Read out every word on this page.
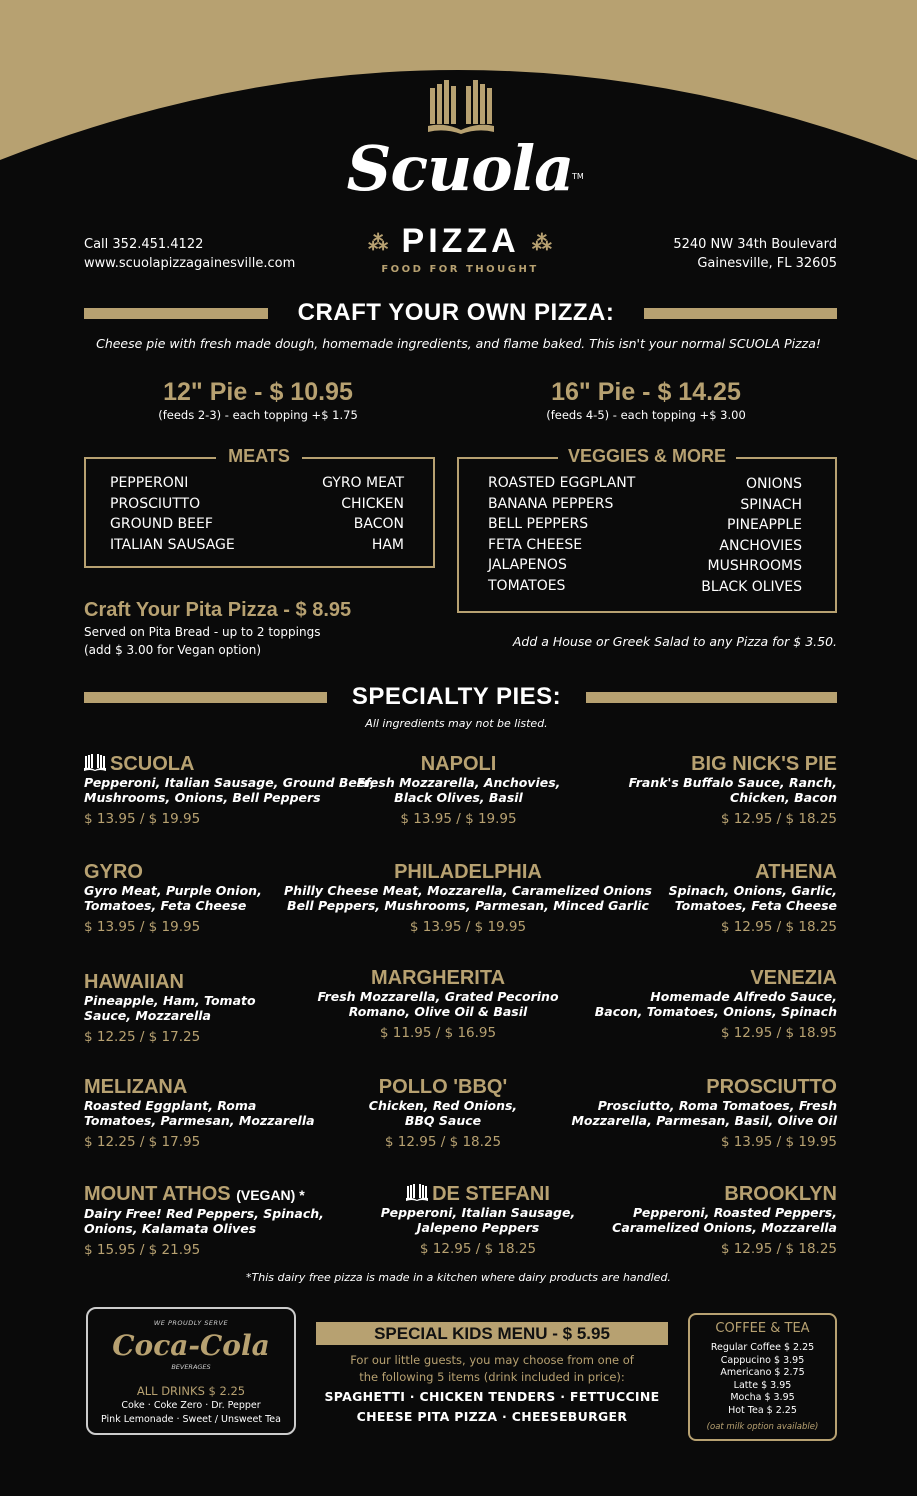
Scuola
TM
⁂ PIZZA ⁂
FOOD FOR THOUGHT
Call 352.451.4122
www.scuolapizzagainesville.com
5240 NW 34th Boulevard
Gainesville, FL 32605
CRAFT YOUR OWN PIZZA:
Cheese pie with fresh made dough, homemade ingredients, and flame baked. This isn't your normal SCUOLA Pizza!
12" Pie - $ 10.95
(feeds 2-3) - each topping +$ 1.75
16" Pie - $ 14.25
(feeds 4-5) - each topping +$ 3.00
MEATS
PEPPERONI
PROSCIUTTO
GROUND BEEF
ITALIAN SAUSAGE
GYRO MEAT
CHICKEN
BACON
HAM
VEGGIES & MORE
ROASTED EGGPLANT
BANANA PEPPERS
BELL PEPPERS
FETA CHEESE
JALAPENOS
TOMATOES
ONIONS
SPINACH
PINEAPPLE
ANCHOVIES
MUSHROOMS
BLACK OLIVES
Craft Your Pita Pizza - $ 8.95
Served on Pita Bread - up to 2 toppings
(add $ 3.00 for Vegan option)
Add a House or Greek Salad to any Pizza for $ 3.50.
SPECIALTY PIES:
All ingredients may not be listed.
SCUOLA
Pepperoni, Italian Sausage, Ground Beef,
Mushrooms, Onions, Bell Peppers
$ 13.95 / $ 19.95
NAPOLI
Fresh Mozzarella, Anchovies,
Black Olives, Basil
$ 13.95 / $ 19.95
BIG NICK'S PIE
Frank's Buffalo Sauce, Ranch,
Chicken, Bacon
$ 12.95 / $ 18.25
GYRO
Gyro Meat, Purple Onion,
Tomatoes, Feta Cheese
$ 13.95 / $ 19.95
PHILADELPHIA
Philly Cheese Meat, Mozzarella, Caramelized Onions
Bell Peppers, Mushrooms, Parmesan, Minced Garlic
$ 13.95 / $ 19.95
ATHENA
Spinach, Onions, Garlic,
Tomatoes, Feta Cheese
$ 12.95 / $ 18.25
HAWAIIAN
Pineapple, Ham, Tomato
Sauce, Mozzarella
$ 12.25 / $ 17.25
MARGHERITA
Fresh Mozzarella, Grated Pecorino
Romano, Olive Oil & Basil
$ 11.95 / $ 16.95
VENEZIA
Homemade Alfredo Sauce,
Bacon, Tomatoes, Onions, Spinach
$ 12.95 / $ 18.95
MELIZANA
Roasted Eggplant, Roma
Tomatoes, Parmesan, Mozzarella
$ 12.25 / $ 17.95
POLLO 'BBQ'
Chicken, Red Onions,
BBQ Sauce
$ 12.95 / $ 18.25
PROSCIUTTO
Prosciutto, Roma Tomatoes, Fresh
Mozzarella, Parmesan, Basil, Olive Oil
$ 13.95 / $ 19.95
MOUNT ATHOS (VEGAN) *
Dairy Free! Red Peppers, Spinach,
Onions, Kalamata Olives
$ 15.95 / $ 21.95
DE STEFANI
Pepperoni, Italian Sausage,
Jalepeno Peppers
$ 12.95 / $ 18.25
BROOKLYN
Pepperoni, Roasted Peppers,
Caramelized Onions, Mozzarella
$ 12.95 / $ 18.25
*This dairy free pizza is made in a kitchen where dairy products are handled.
WE PROUDLY SERVE
Coca-Cola
BEVERAGES
ALL DRINKS $ 2.25
Coke · Coke Zero · Dr. Pepper
Pink Lemonade · Sweet / Unsweet Tea
SPECIAL KIDS MENU - $ 5.95
For our little guests, you may choose from one of
the following 5 items (drink included in price):
SPAGHETTI · CHICKEN TENDERS · FETTUCCINE
CHEESE PITA PIZZA · CHEESEBURGER
COFFEE & TEA
Regular Coffee $ 2.25
Cappucino $ 3.95
Americano $ 2.75
Latte $ 3.95
Mocha $ 3.95
Hot Tea $ 2.25
(oat milk option available)
